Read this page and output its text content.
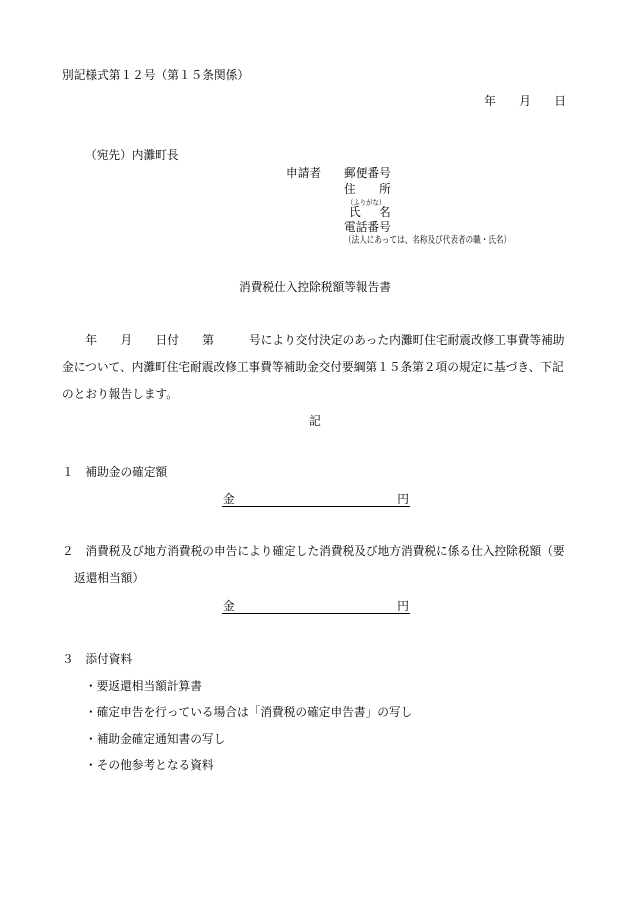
別記様式第１２号（第１５条関係）
年　　月　　日
（宛先）内灘町長
申請者 郵便番号
住　　所
（ふりがな）
氏　名
電話番号
（法人にあっては、名称及び代表者の職・氏名）
消費税仕入控除税額等報告書
　　年　　月　　日付　　第　　　号により交付決定のあった内灘町住宅耐震改修工事費等補助
金について、内灘町住宅耐震改修工事費等補助金交付要綱第１５条第２項の規定に基づき、下記
のとおり報告します。
記
１　補助金の確定額
金	円
２　消費税及び地方消費税の申告により確定した消費税及び地方消費税に係る仕入控除税額（要
返還相当額）
金	円
３　添付資料
・要返還相当額計算書
・確定申告を行っている場合は「消費税の確定申告書」の写し
・補助金確定通知書の写し
・その他参考となる資料
